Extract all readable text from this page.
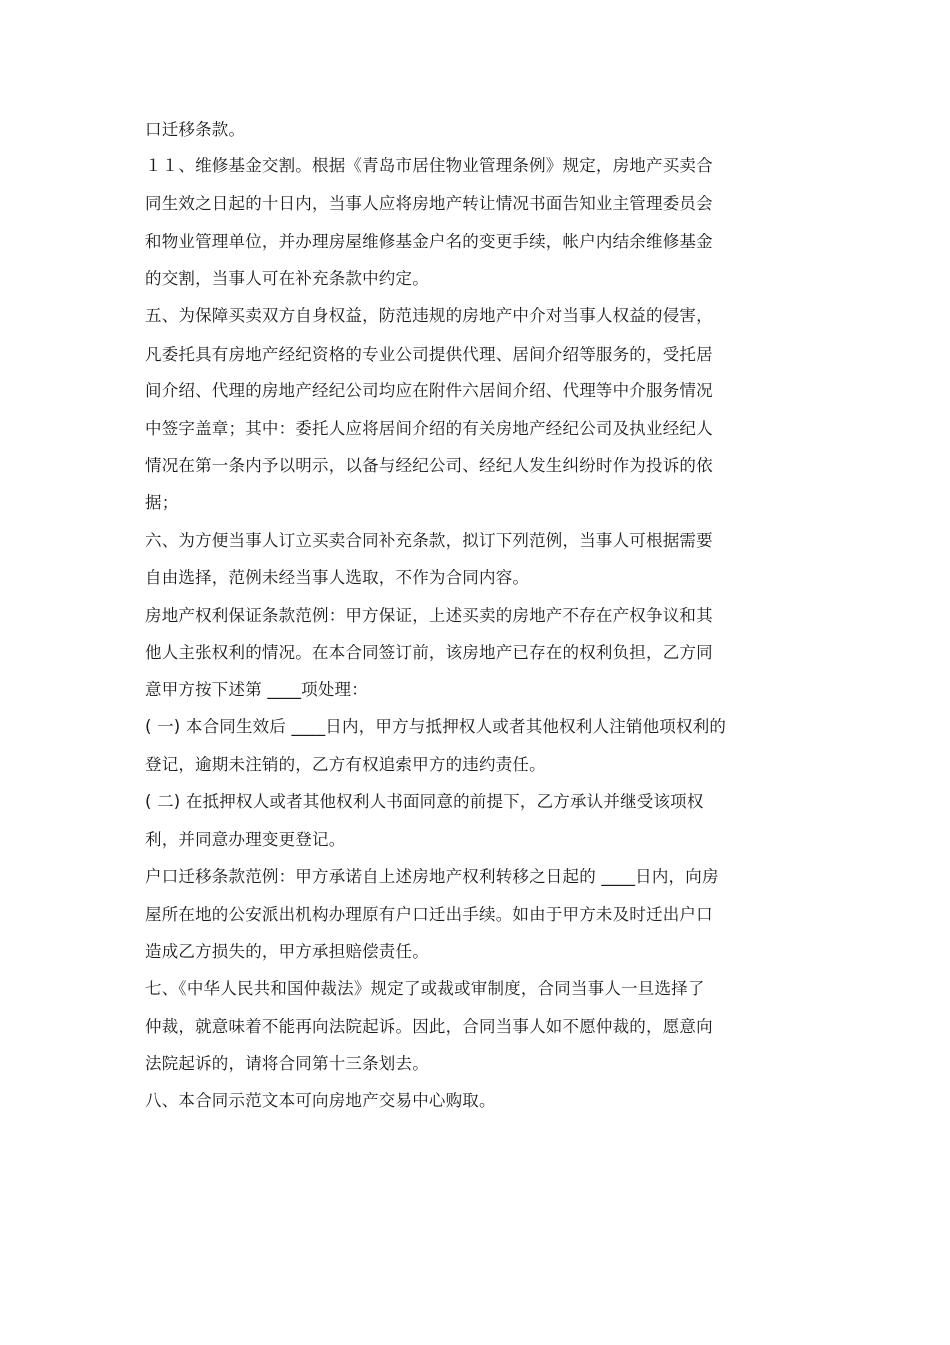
口迁移条款。
１１、维修基金交割。根据《青岛市居住物业管理条例》规定，房地产买卖合
同生效之日起的十日内，当事人应将房地产转让情况书面告知业主管理委员会
和物业管理单位，并办理房屋维修基金户名的变更手续，帐户内结余维修基金
的交割，当事人可在补充条款中约定。
五、为保障买卖双方自身权益，防范违规的房地产中介对当事人权益的侵害，
凡委托具有房地产经纪资格的专业公司提供代理、居间介绍等服务的，受托居
间介绍、代理的房地产经纪公司均应在附件六居间介绍、代理等中介服务情况
中签字盖章；其中：委托人应将居间介绍的有关房地产经纪公司及执业经纪人
情况在第一条内予以明示，以备与经纪公司、经纪人发生纠纷时作为投诉的依
据；
六、为方便当事人订立买卖合同补充条款，拟订下列范例，当事人可根据需要
自由选择，范例未经当事人选取，不作为合同内容。
房地产权利保证条款范例：甲方保证，上述买卖的房地产不存在产权争议和其
他人主张权利的情况。在本合同签订前，该房地产已存在的权利负担，乙方同
意甲方按下述第 ____项处理：
( 一) 本合同生效后 ____日内，甲方与抵押权人或者其他权利人注销他项权利的
登记，逾期未注销的，乙方有权追索甲方的违约责任。
( 二) 在抵押权人或者其他权利人书面同意的前提下，乙方承认并继受该项权
利，并同意办理变更登记。
户口迁移条款范例：甲方承诺自上述房地产权利转移之日起的 ____日内，向房
屋所在地的公安派出机构办理原有户口迁出手续。如由于甲方未及时迁出户口
造成乙方损失的，甲方承担赔偿责任。
七、《中华人民共和国仲裁法》规定了或裁或审制度，合同当事人一旦选择了
仲裁，就意味着不能再向法院起诉。因此，合同当事人如不愿仲裁的，愿意向
法院起诉的，请将合同第十三条划去。
八、本合同示范文本可向房地产交易中心购取。
